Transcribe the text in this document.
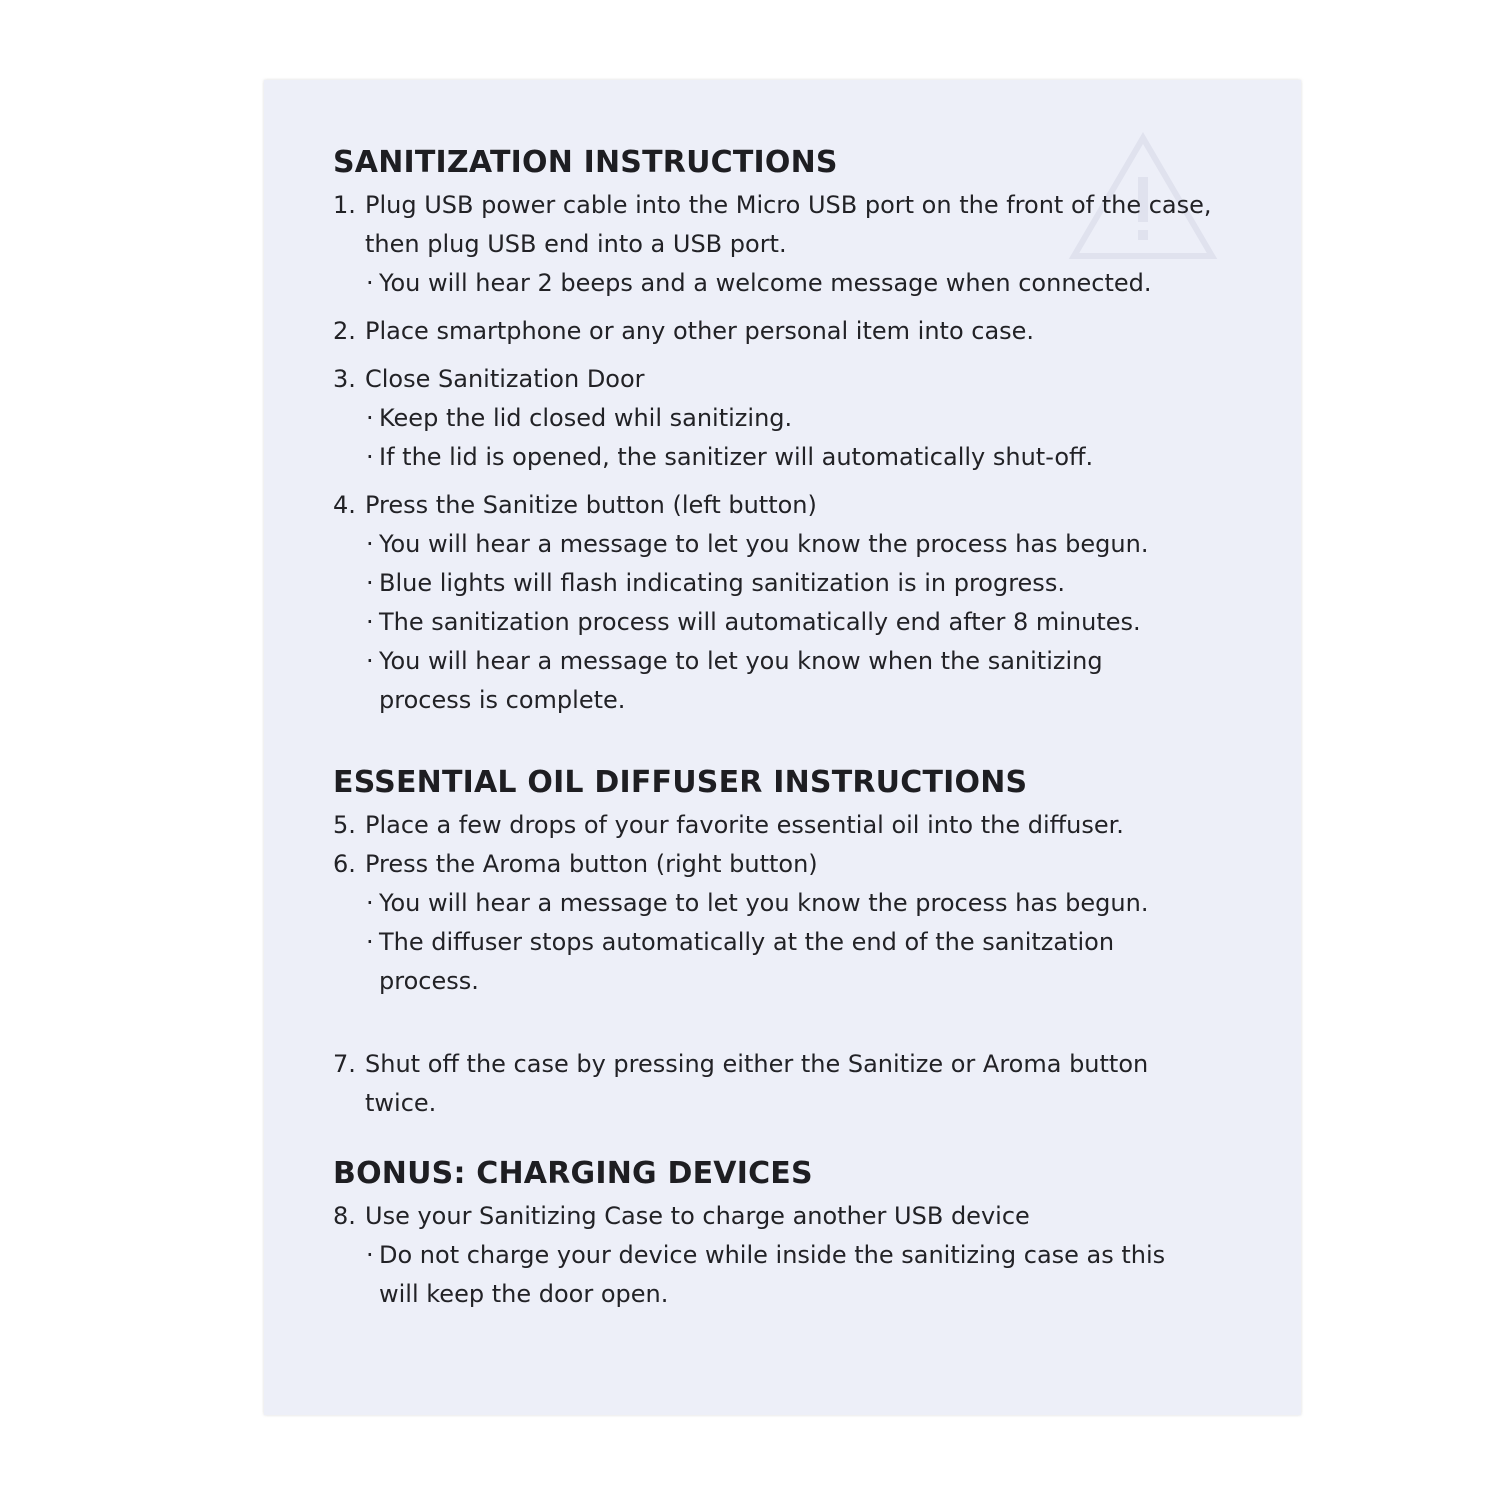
SANITIZATION INSTRUCTIONS
1. Plug USB power cable into the Micro USB port on the front of the case, then plug USB end into a USB port.
· You will hear 2 beeps and a welcome message when connected.
2. Place smartphone or any other personal item into case.
3. Close Sanitization Door
· Keep the lid closed whil sanitizing.
· If the lid is opened, the sanitizer will automatically shut-off.
4. Press the Sanitize button (left button)
· You will hear a message to let you know the process has begun.
· Blue lights will flash indicating sanitization is in progress.
· The sanitization process will automatically end after 8 minutes.
· You will hear a message to let you know when the sanitizing process is complete.
ESSENTIAL OIL DIFFUSER INSTRUCTIONS
5. Place a few drops of your favorite essential oil into the diffuser.
6. Press the Aroma button (right button)
· You will hear a message to let you know the process has begun.
· The diffuser stops automatically at the end of the sanitzation process.
7. Shut off the case by pressing either the Sanitize or Aroma button twice.
BONUS: CHARGING DEVICES
8. Use your Sanitizing Case to charge another USB device
· Do not charge your device while inside the sanitizing case as this will keep the door open.
